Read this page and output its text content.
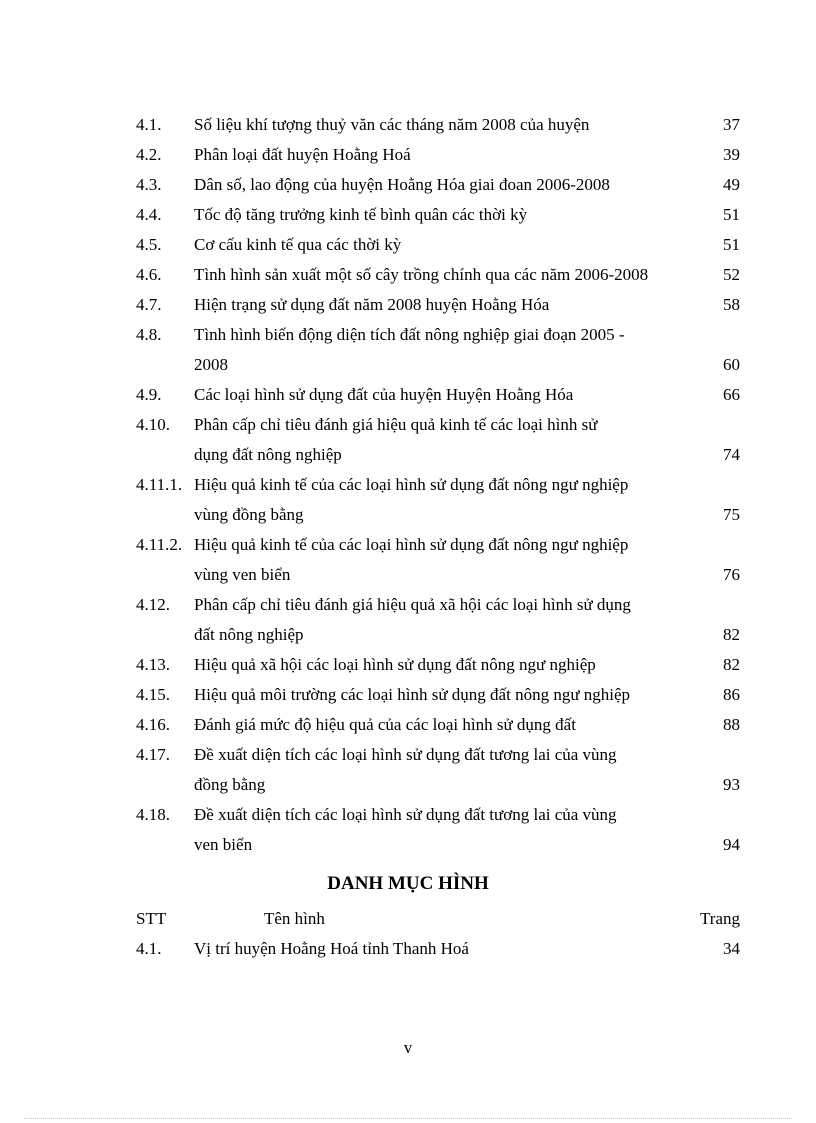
4.1.	Số liệu khí tượng thuỷ văn các tháng năm 2008 của huyện	37
4.2.	Phân loại đất huyện Hoằng Hoá	39
4.3.	Dân số, lao động của huyện Hoằng Hóa giai đoan 2006-2008	49
4.4.	Tốc độ tăng trưởng kinh tế bình quân các thời kỳ	51
4.5.	Cơ cấu kinh tế qua các thời kỳ	51
4.6.	Tình hình sản xuất một số cây trồng chính qua các năm 2006-2008	52
4.7.	Hiện trạng sử dụng đất năm 2008 huyện Hoằng Hóa	58
4.8.	Tình hình biến động diện tích đất nông nghiệp giai đoạn 2005 -
2008	60
4.9.	Các loại hình sử dụng đất của huyện Huyện Hoằng Hóa	66
4.10.	Phân cấp chỉ tiêu đánh giá hiệu quả kinh tế các loại hình sử
dụng đất nông nghiệp	74
4.11.1. Hiệu quả kinh tế của các loại hình sử dụng đất nông ngư nghiệp
vùng đồng bằng	75
4.11.2. Hiệu quả kinh tế của các loại hình sử dụng đất nông ngư nghiệp
vùng ven biển	76
4.12.	Phân cấp chỉ tiêu đánh giá hiệu quả xã hội các loại hình sử dụng
đất nông nghiệp	82
4.13.	Hiệu quả xã hội các loại hình sử dụng đất nông ngư nghiệp	82
4.15.	Hiệu quả môi trường các loại hình sử dụng đất nông ngư nghiệp	86
4.16.	Đánh giá mức độ hiệu quả của các loại hình sử dụng đất	88
4.17.	Đề xuất diện tích các loại hình sử dụng đất tương lai của vùng
đồng bằng	93
4.18.	Đề xuất diện tích các loại hình sử dụng đất tương lai của vùng
ven biển	94
DANH MỤC HÌNH
STT	Tên hình	Trang
4.1.	Vị trí huyện Hoằng Hoá tỉnh Thanh Hoá	34
v
